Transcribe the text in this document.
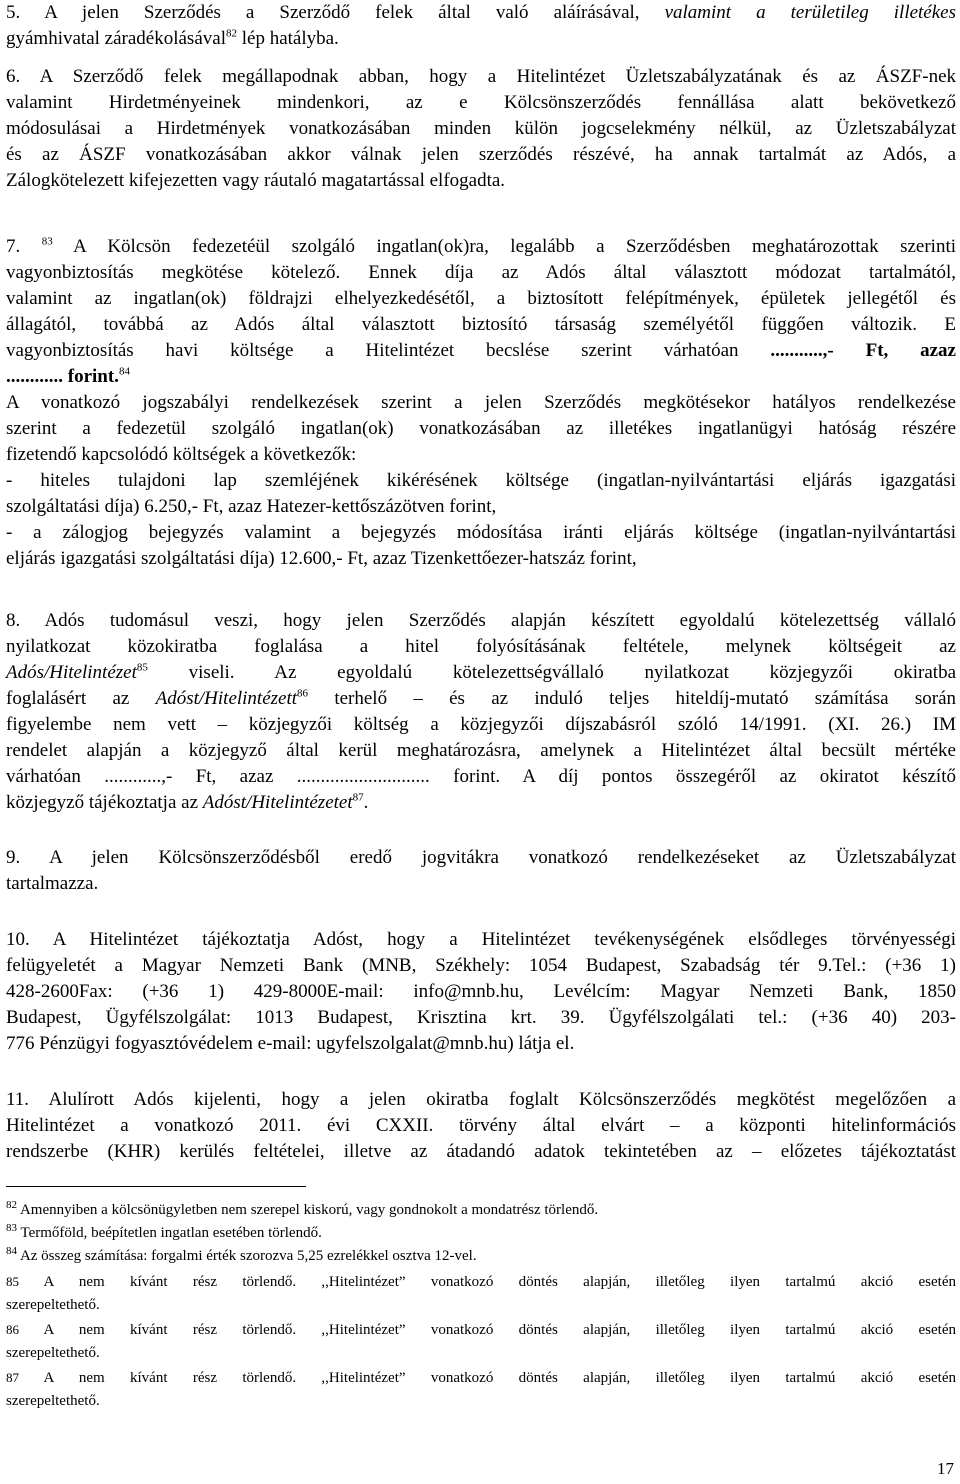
5. A jelen Szerződés a Szerződő felek által való aláírásával, valamint a területileg illetékes
gyámhivatal záradékolásával$^{82}$ lép hatályba.
6. A Szerződő felek megállapodnak abban, hogy a Hitelintézet Üzletszabályzatának és az ÁSZF-nek
valamint Hirdetményeinek mindenkori, az e Kölcsönszerződés fennállása alatt bekövetkező
módosulásai a Hirdetmények vonatkozásában minden külön jogcselekmény nélkül, az Üzletszabályzat
és az ÁSZF vonatkozásában akkor válnak jelen szerződés részévé, ha annak tartalmát az Adós, a
Zálogkötelezett kifejezetten vagy ráutaló magatartással elfogadta.
7. $^{83}$ A Kölcsön fedezetéül szolgáló ingatlan(ok)ra, legalább a Szerződésben meghatározottak szerinti
vagyonbiztosítás megkötése kötelező. Ennek díja az Adós által választott módozat tartalmától,
valamint az ingatlan(ok) földrajzi elhelyezkedésétől, a biztosított felépítmények, épületek jellegétől és
állagától, továbbá az Adós által választott biztosító társaság személyétől függően változik. E
vagyonbiztosítás havi költsége a Hitelintézet becslése szerint várhatóan ...........,- Ft, azaz
............ forint.$^{84}$
A vonatkozó jogszabályi rendelkezések szerint a jelen Szerződés megkötésekor hatályos rendelkezése
szerint a fedezetül szolgáló ingatlan(ok) vonatkozásában az illetékes ingatlanügyi hatóság részére
fizetendő kapcsolódó költségek a következők:
- hiteles tulajdoni lap szemléjének kikérésének költsége (ingatlan-nyilvántartási eljárás igazgatási
szolgáltatási díja) 6.250,- Ft, azaz Hatezer-kettőszázötven forint,
- a zálogjog bejegyzés valamint a bejegyzés módosítása iránti eljárás költsége (ingatlan-nyilvántartási
eljárás igazgatási szolgáltatási díja) 12.600,- Ft, azaz Tizenkettőezer-hatszáz forint,
8. Adós tudomásul veszi, hogy jelen Szerződés alapján készített egyoldalú kötelezettség vállaló
nyilatkozat közokiratba foglalása a hitel folyósításának feltétele, melynek költségeit az
Adós/Hitelintézet$^{85}$ viseli. Az egyoldalú kötelezettségvállaló nyilatkozat közjegyzői okiratba
foglalásért az Adóst/Hitelintézett$^{86}$ terhelő – és az induló teljes hiteldíj-mutató számítása során
figyelembe nem vett – közjegyzői költség a közjegyzői díjszabásról szóló 14/1991. (XI. 26.) IM
rendelet alapján a közjegyző által kerül meghatározásra, amelynek a Hitelintézet által becsült mértéke
várhatóan ............,- Ft, azaz ............................ forint. A díj pontos összegéről az okiratot készítő
közjegyző tájékoztatja az Adóst/Hitelintézetet$^{87}$.
9. A jelen Kölcsönszerződésből eredő jogvitákra vonatkozó rendelkezéseket az Üzletszabályzat
tartalmazza.
10. A Hitelintézet tájékoztatja Adóst, hogy a Hitelintézet tevékenységének elsődleges törvényességi
felügyeletét a Magyar Nemzeti Bank (MNB, Székhely: 1054 Budapest, Szabadság tér 9.Tel.: (+36 1)
428-2600Fax: (+36 1) 429-8000E-mail: info@mnb.hu, Levélcím: Magyar Nemzeti Bank, 1850
Budapest, Ügyfélszolgálat: 1013 Budapest, Krisztina krt. 39. Ügyfélszolgálati tel.: (+36 40) 203-
776 Pénzügyi fogyasztóvédelem e-mail: ugyfelszolgalat@mnb.hu) látja el.
11. Alulírott Adós kijelenti, hogy a jelen okiratba foglalt Kölcsönszerződés megkötést megelőzően a
Hitelintézet a vonatkozó 2011. évi CXXII. törvény által elvárt – a központi hitelinformációs
rendszerbe (KHR) kerülés feltételei, illetve az átadandó adatok tekintetében az – előzetes tájékoztatást

$^{82}$ Amennyiben a kölcsönügyletben nem szerepel kiskorú, vagy gondnokolt a mondatrész törlendő.

$^{83}$ Termőföld, beépítetlen ingatlan esetében törlendő.

$^{84}$ Az összeg számítása: forgalmi érték szorozva 5,25 ezrelékkel osztva 12-vel.

85 A nem kívánt rész törlendő. ,,Hitelintézet” vonatkozó döntés alapján, illetőleg ilyen tartalmú akció esetén
szerepeltethető.

86 A nem kívánt rész törlendő. ,,Hitelintézet” vonatkozó döntés alapján, illetőleg ilyen tartalmú akció esetén
szerepeltethető.

87 A nem kívánt rész törlendő. ,,Hitelintézet” vonatkozó döntés alapján, illetőleg ilyen tartalmú akció esetén
szerepeltethető.

17
